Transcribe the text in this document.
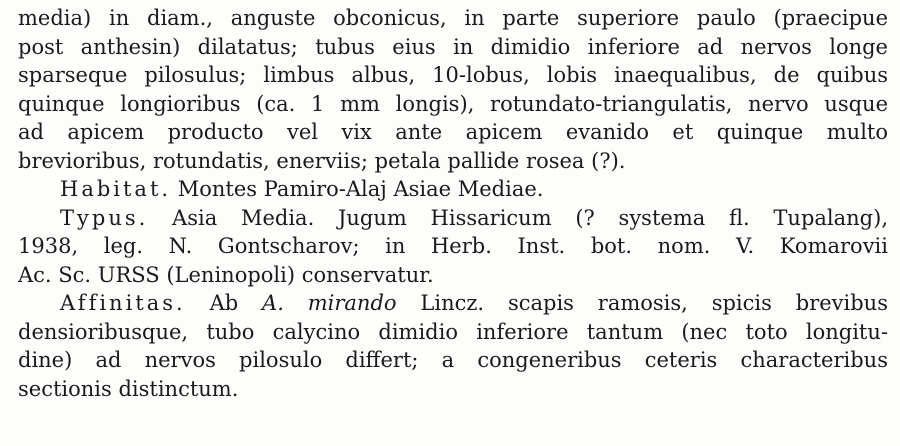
media) in diam., anguste obconicus, in parte superiore paulo (praecipue
post anthesin) dilatatus; tubus eius in dimidio inferiore ad nervos longe
sparseque pilosulus; limbus albus, 10-lobus, lobis inaequalibus, de quibus
quinque longioribus (ca. 1 mm longis), rotundato-triangulatis, nervo usque
ad apicem producto vel vix ante apicem evanido et quinque multo
brevioribus, rotundatis, enerviis; petala pallide rosea (?).
Habitat. Montes Pamiro-Alaj Asiae Mediae.
Typus. Asia Media. Jugum Hissaricum (? systema fl. Tupalang),
1938, leg. N. Gontscharov; in Herb. Inst. bot. nom. V. Komarovii
Ac. Sc. URSS (Leninopoli) conservatur.
Affinitas. Ab A. mirando Lincz. scapis ramosis, spicis brevibus
densioribusque, tubo calycino dimidio inferiore tantum (nec toto longitu-
dine) ad nervos pilosulo differt; a congeneribus ceteris characteribus
sectionis distinctum.
